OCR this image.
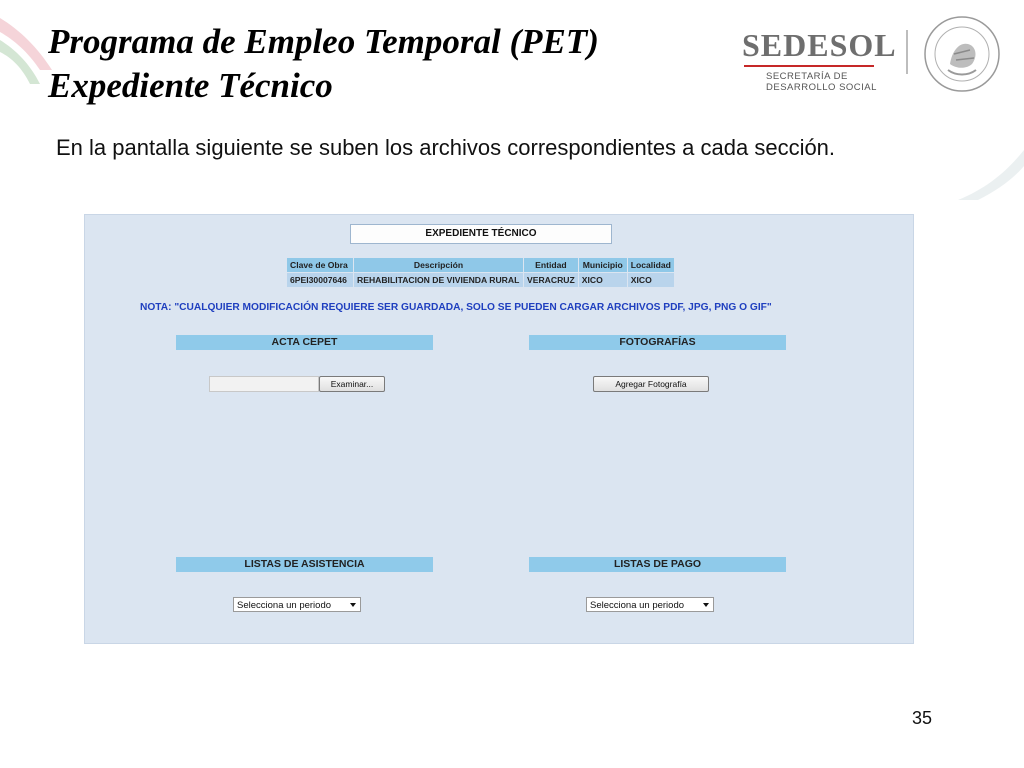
Programa de Empleo Temporal (PET)
Expediente Técnico
SEDESOL
SECRETARÍA DE
DESARROLLO SOCIAL

En la pantalla siguiente se suben los archivos correspondientes a cada sección.

EXPEDIENTE TÉCNICO
Clave de Obra	Descripción	Entidad	Municipio	Localidad
6PEI30007646	REHABILITACION DE VIVIENDA RURAL	VERACRUZ	XICO	XICO
NOTA: "CUALQUIER MODIFICACIÓN REQUIERE SER GUARDADA, SOLO SE PUEDEN CARGAR ARCHIVOS PDF, JPG, PNG O GIF"
ACTA CEPET	FOTOGRAFÍAS
Examinar...	Agregar Fotografía
LISTAS DE ASISTENCIA	LISTAS DE PAGO
Selecciona un periodo	Selecciona un periodo
35
